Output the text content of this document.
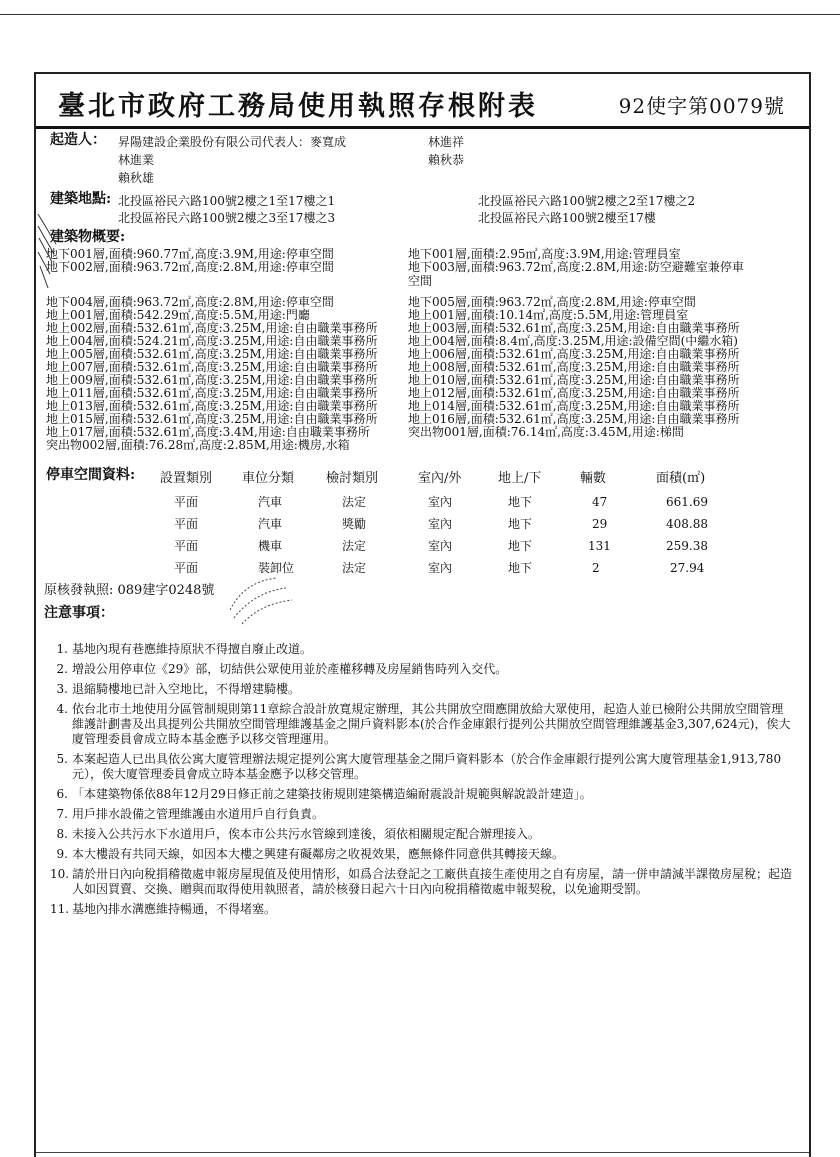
臺北市政府工務局使用執照存根附表	92使字第0079號
起造人： 昇陽建設企業股份有限公司代表人：麥寬成	林進祥
林進業	賴秋恭
賴秋雄
建築地點: 北投區裕民六路100號2樓之1至17樓之1	北投區裕民六路100號2樓之2至17樓之2
北投區裕民六路100號2樓之3至17樓之3	北投區裕民六路100號2樓至17樓
建築物概要:
地下001層,面積:960.77㎡,高度:3.9M,用途:停車空間
地下002層,面積:963.72㎡,高度:2.8M,用途:停車空間
地下004層,面積:963.72㎡,高度:2.8M,用途:停車空間
地上001層,面積:542.29㎡,高度:5.5M,用途:門廳
地上002層,面積:532.61㎡,高度:3.25M,用途:自由職業事務所
地上004層,面積:524.21㎡,高度:3.25M,用途:自由職業事務所
地上005層,面積:532.61㎡,高度:3.25M,用途:自由職業事務所
地上007層,面積:532.61㎡,高度:3.25M,用途:自由職業事務所
地上009層,面積:532.61㎡,高度:3.25M,用途:自由職業事務所
地上011層,面積:532.61㎡,高度:3.25M,用途:自由職業事務所
地上013層,面積:532.61㎡,高度:3.25M,用途:自由職業事務所
地上015層,面積:532.61㎡,高度:3.25M,用途:自由職業事務所
地上017層,面積:532.61㎡,高度:3.4M,用途:自由職業事務所
突出物002層,面積:76.28㎡,高度:2.85M,用途:機房,水箱
地下001層,面積:2.95㎡,高度:3.9M,用途:管理員室
地下003層,面積:963.72㎡,高度:2.8M,用途:防空避難室兼停車
空間
地下005層,面積:963.72㎡,高度:2.8M,用途:停車空間
地上001層,面積:10.14㎡,高度:5.5M,用途:管理員室
地上003層,面積:532.61㎡,高度:3.25M,用途:自由職業事務所
地上004層,面積:8.4㎡,高度:3.25M,用途:設備空間(中繼水箱)
地上006層,面積:532.61㎡,高度:3.25M,用途:自由職業事務所
地上008層,面積:532.61㎡,高度:3.25M,用途:自由職業事務所
地上010層,面積:532.61㎡,高度:3.25M,用途:自由職業事務所
地上012層,面積:532.61㎡,高度:3.25M,用途:自由職業事務所
地上014層,面積:532.61㎡,高度:3.25M,用途:自由職業事務所
地上016層,面積:532.61㎡,高度:3.25M,用途:自由職業事務所
突出物001層,面積:76.14㎡,高度:3.45M,用途:梯間
停車空間資料: 設置類別 車位分類 檢討類別	室內/外	地上/下	輛數	面積(㎡)
平面	汽車	法定	室內	地下	47	661.69
平面	汽車	獎勵	室內	地下	29	408.88
平面	機車	法定	室內	地下	131	259.38
平面	裝卸位	法定	室內	地下	2	27.94
原核發執照: 089建字0248號
注意事項：
1. 基地內現有巷應維持原狀不得擅自廢止改道。
2. 增設公用停車位《29》部，切結供公眾使用並於產權移轉及房屋銷售時列入交代。
3. 退縮騎樓地已計入空地比，不得增建騎樓。
4. 依台北市土地使用分區管制規則第11章綜合設計放寬規定辦理，其公共開放空間應開放給大眾使用，起造人並已檢附公共開放空間管理維護計劃書及出具提列公共開放空間管理維護基金之開戶資料影本(於合作金庫銀行提列公共開放空間管理維護基金3,307,624元)，俟大廈管理委員會成立時本基金應予以移交管理運用。
5. 本案起造人已出具依公寓大廈管理辦法規定提列公寓大廈管理基金之開戶資料影本（於合作金庫銀行提列公寓大廈管理基金1,913,780元），俟大廈管理委員會成立時本基金應予以移交管理。
6. 「本建築物係依88年12月29日修正前之建築技術規則建築構造編耐震設計規範與解說設計建造」。
7. 用戶排水設備之管理維護由水道用戶自行負責。
8. 未接入公共污水下水道用戶，俟本市公共污水管線到達後，須依相關規定配合辦理接入。
9. 本大樓設有共同天線，如因本大樓之興建有礙鄰房之收視效果，應無條件同意供其轉接天線。
10. 請於卅日內向稅捐稽徵處申報房屋現值及使用情形，如爲合法登記之工廠供直接生產使用之自有房屋，請一併申請減半課徵房屋稅；起造人如因買賣、交換、贈與而取得使用執照者，請於核發日起六十日內向稅捐稽徵處申報契稅，以免逾期受罰。
11. 基地內排水溝應維持暢通，不得堵塞。
